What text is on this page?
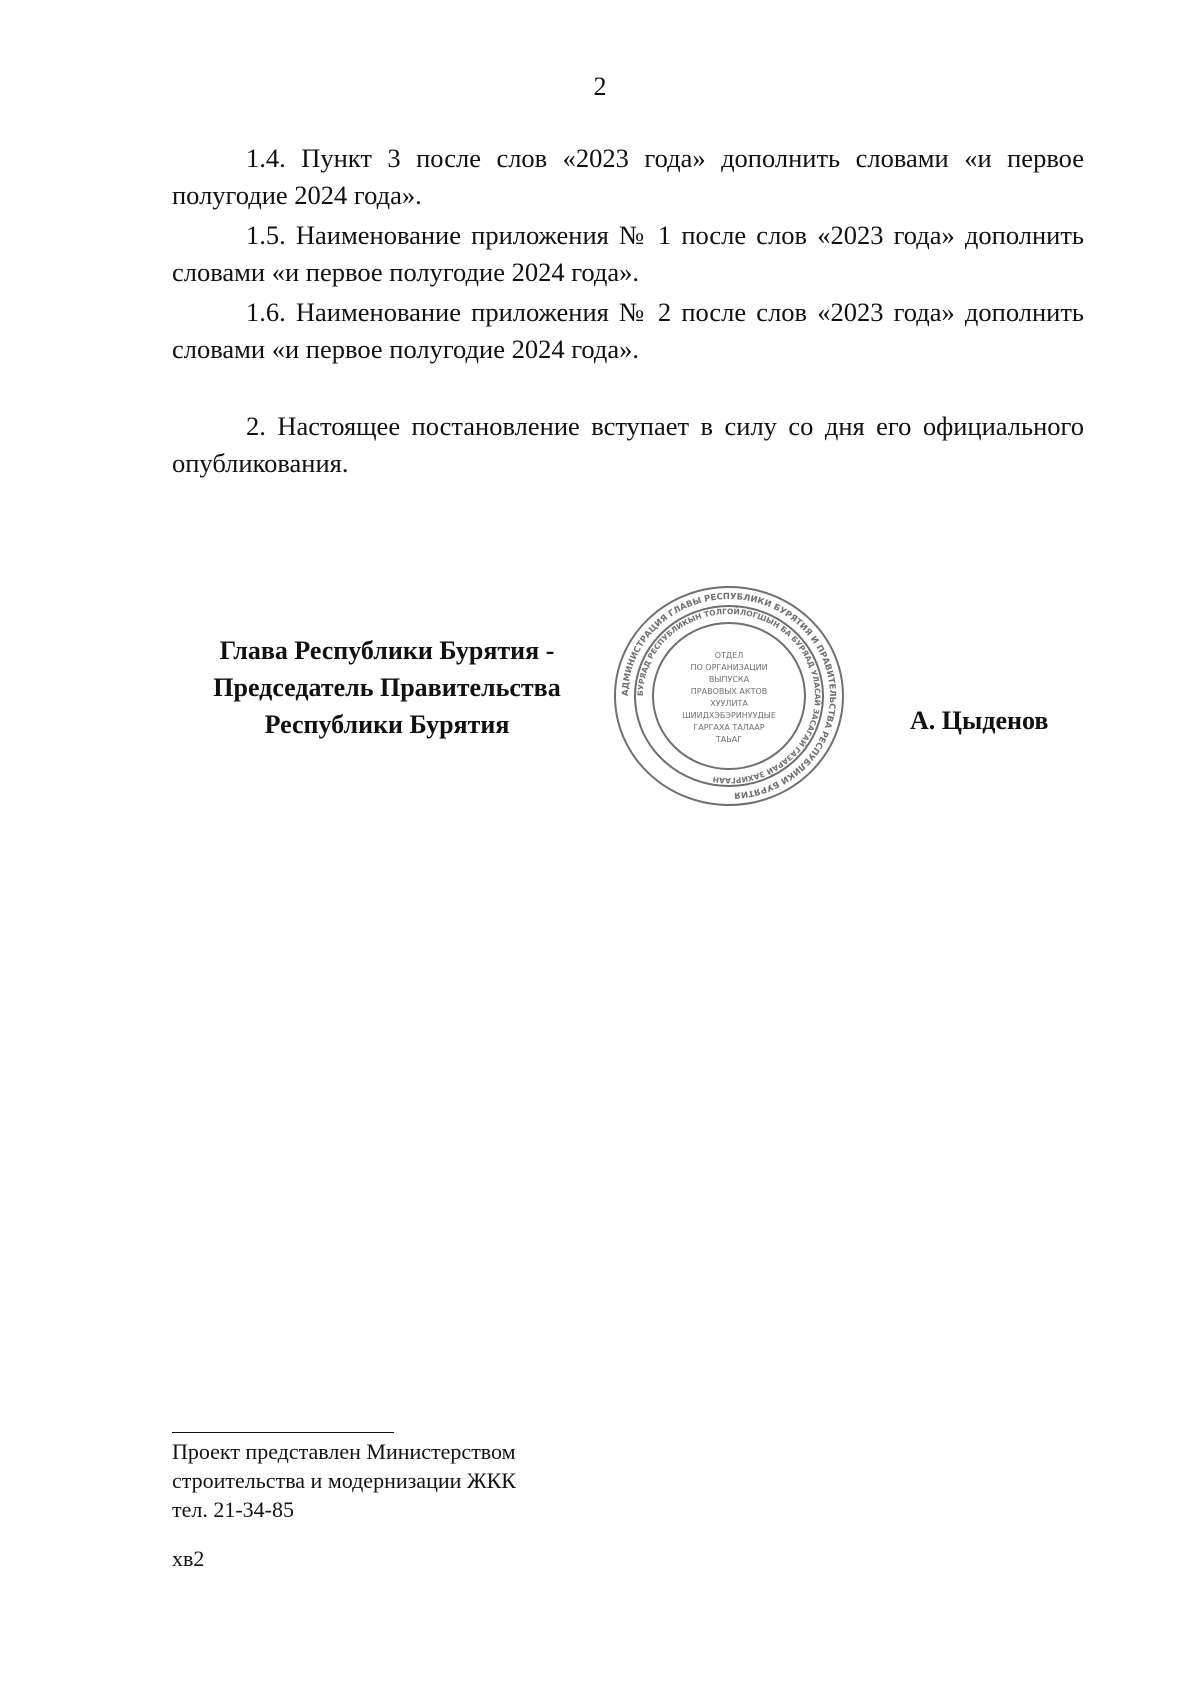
2

1.4. Пункт 3 после слов «2023 года» дополнить словами «и первое полугодие 2024 года».

1.5. Наименование приложения № 1 после слов «2023 года» дополнить словами «и первое полугодие 2024 года».

1.6. Наименование приложения № 2 после слов «2023 года» дополнить словами «и первое полугодие 2024 года».

2. Настоящее постановление вступает в силу со дня его официального опубликования.

Глава Республики Бурятия -
Председатель Правительства
Республики Бурятия
АДМИНИСТРАЦИЯ ГЛАВЫ РЕСПУБЛИКИ БУРЯТИЯ И ПРАВИТЕЛЬСТВА РЕСПУБЛИКИ БУРЯТИЯ
БУРЯАД РЕСПУБЛИКЫН ТОЛГОЙЛОГШЫН БА БУРЯАД УЛАСАЙ ЗАСАГАЙ ГАЗАРАЙ ЗАХИРГААН
ОТДЕЛ
ПО ОРГАНИЗАЦИИ
ВЫПУСКА
ПРАВОВЫХ АКТОВ
ХУУЛИТА
ШИИДХЭБЭРИНУУДЫЕ
ГАРГАХА ТАЛААР
ТАЬАГ
А. Цыденов
Проект представлен Министерством
строительства и модернизации ЖКК
тел. 21-34-85
хв2
